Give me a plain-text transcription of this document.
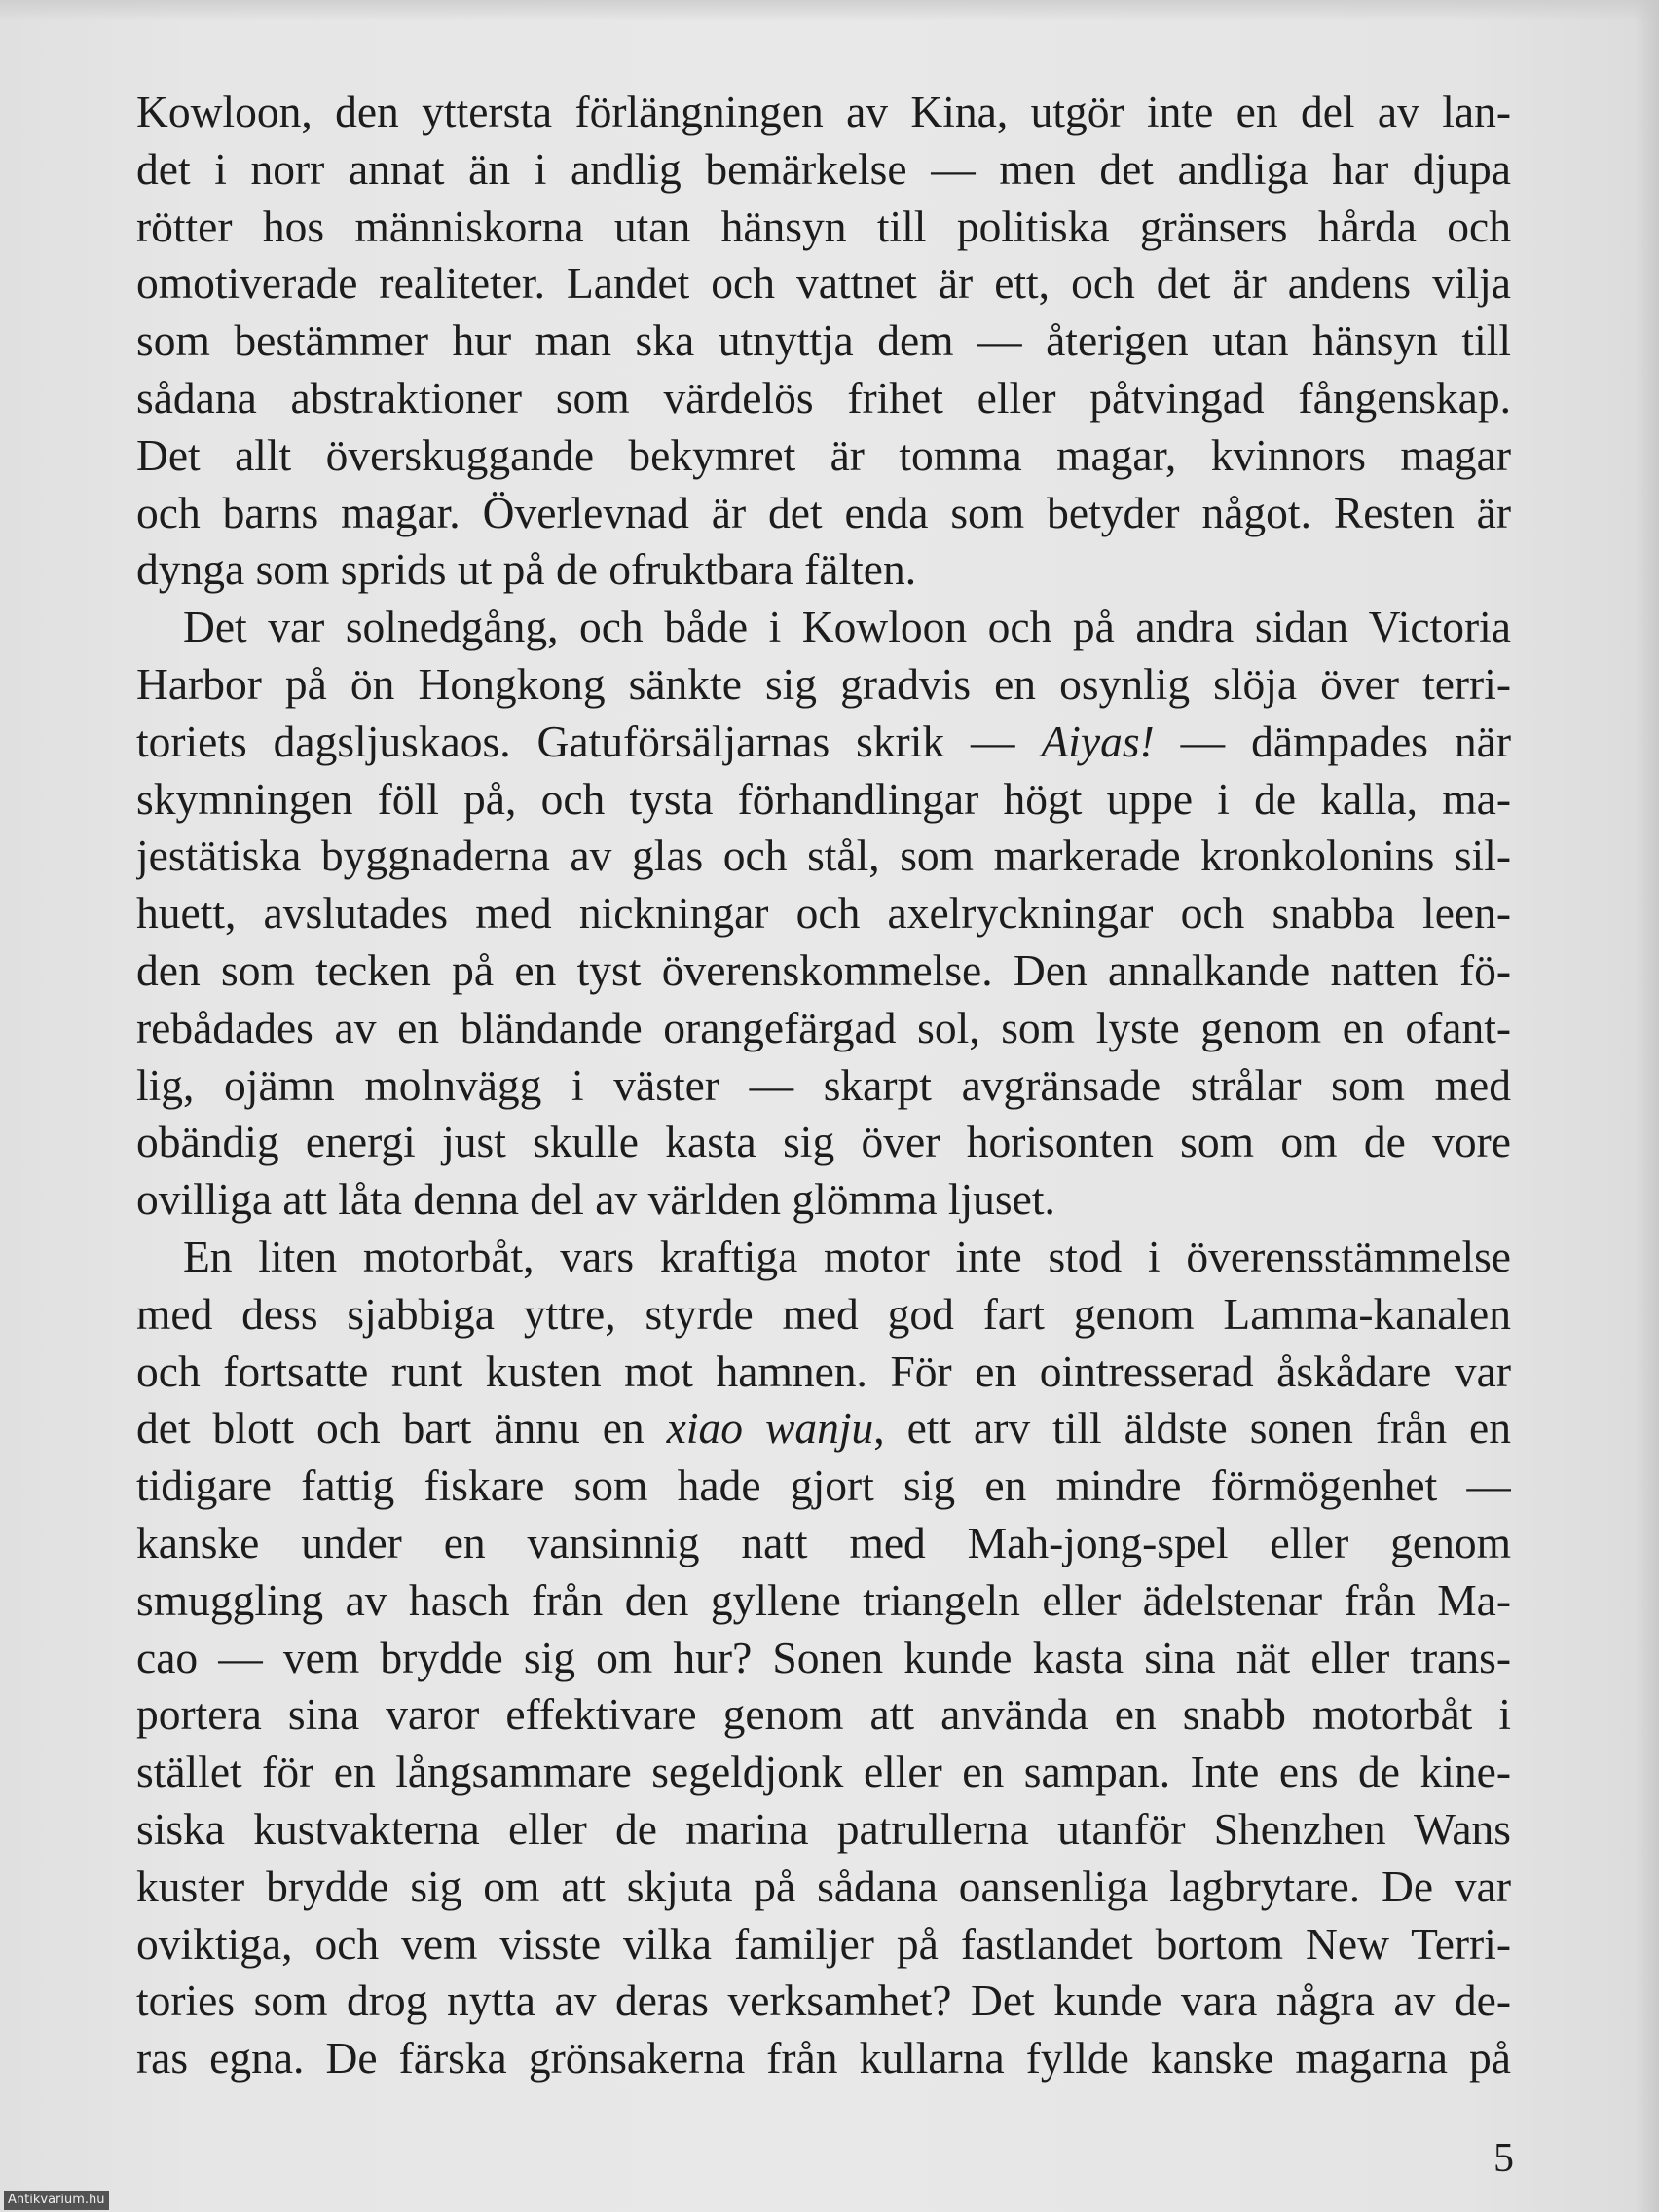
Kowloon, den yttersta förlängningen av Kina, utgör inte en del av lan-
det i norr annat än i andlig bemärkelse — men det andliga har djupa
rötter hos människorna utan hänsyn till politiska gränsers hårda och
omotiverade realiteter. Landet och vattnet är ett, och det är andens vilja
som bestämmer hur man ska utnyttja dem — återigen utan hänsyn till
sådana abstraktioner som värdelös frihet eller påtvingad fångenskap.
Det allt överskuggande bekymret är tomma magar, kvinnors magar
och barns magar. Överlevnad är det enda som betyder något. Resten är
dynga som sprids ut på de ofruktbara fälten.
Det var solnedgång, och både i Kowloon och på andra sidan Victoria
Harbor på ön Hongkong sänkte sig gradvis en osynlig slöja över terri-
toriets dagsljuskaos. Gatuförsäljarnas skrik — Aiyas! — dämpades när
skymningen föll på, och tysta förhandlingar högt uppe i de kalla, ma-
jestätiska byggnaderna av glas och stål, som markerade kronkolonins sil-
huett, avslutades med nickningar och axelryckningar och snabba leen-
den som tecken på en tyst överenskommelse. Den annalkande natten fö-
rebådades av en bländande orangefärgad sol, som lyste genom en ofant-
lig, ojämn molnvägg i väster — skarpt avgränsade strålar som med
obändig energi just skulle kasta sig över horisonten som om de vore
ovilliga att låta denna del av världen glömma ljuset.
En liten motorbåt, vars kraftiga motor inte stod i överensstämmelse
med dess sjabbiga yttre, styrde med god fart genom Lamma-kanalen
och fortsatte runt kusten mot hamnen. För en ointresserad åskådare var
det blott och bart ännu en xiao wanju, ett arv till äldste sonen från en
tidigare fattig fiskare som hade gjort sig en mindre förmögenhet —
kanske under en vansinnig natt med Mah-jong-spel eller genom
smuggling av hasch från den gyllene triangeln eller ädelstenar från Ma-
cao — vem brydde sig om hur? Sonen kunde kasta sina nät eller trans-
portera sina varor effektivare genom att använda en snabb motorbåt i
stället för en långsammare segeldjonk eller en sampan. Inte ens de kine-
siska kustvakterna eller de marina patrullerna utanför Shenzhen Wans
kuster brydde sig om att skjuta på sådana oansenliga lagbrytare. De var
oviktiga, och vem visste vilka familjer på fastlandet bortom New Terri-
tories som drog nytta av deras verksamhet? Det kunde vara några av de-
ras egna. De färska grönsakerna från kullarna fyllde kanske magarna på
5
Antikvarium.hu
